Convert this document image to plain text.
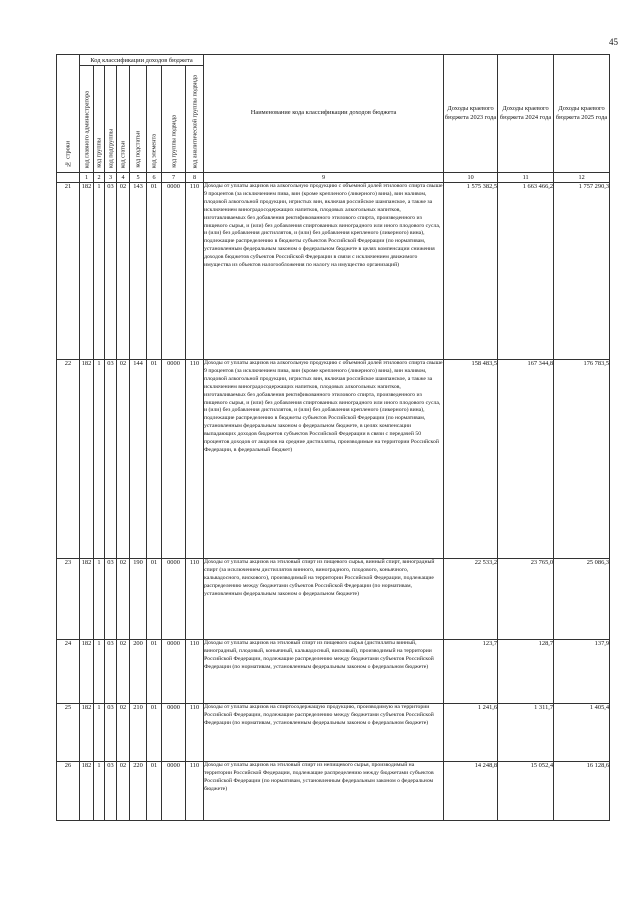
45
№ строки	Код классификации доходов бюджета								Наименование кода классификации доходов бюджета	Доходы краевого бюджета 2023 года	Доходы краевого бюджета 2024 года	Доходы краевого бюджета 2025 года

	код главного администратора	код группы	код подгруппы	код статьи	код подстатьи	код элемента	код группы подвида	код аналитической группы подвида				

	1	2	3	4	5	6	7	8	9	10	11	12
21	182	1	03	02	143	01	0000	110	Доходы от уплаты акцизов на алкогольную продукцию с объемной долей этилового спирта свыше 9 процентов (за исключением пива, вин (кроме крепленого (ликерного) вина), вин наливом, плодовой алкогольной продукции, игристых вин, включая российское шампанское, а также за исключением виноградосодержащих напитков, плодовых алкогольных напитков, изготавливаемых без добавления ректификованного этилового спирта, произведенного из пищевого сырья, и (или) без добавления спиртованных виноградного или иного плодового сусла, и (или) без добавления дистиллятов, и (или) без добавления крепленого (ликерного) вина), подлежащие распределению в бюджеты субъектов Российской Федерации (по нормативам, установленным федеральным законом о федеральном бюджете в целях компенсации снижения доходов бюджетов субъектов Российской Федерации в связи с исключением движимого имущества из объектов налогообложения по налогу на имущество организаций)	1 575 382,5	1 663 466,2	1 757 290,3
22	182	1	03	02	144	01	0000	110	Доходы от уплаты акцизов на алкогольную продукцию с объемной долей этилового спирта свыше 9 процентов (за исключением пива, вин (кроме крепленого (ликерного) вина), вин наливом, плодовой алкогольной продукции, игристых вин, включая российское шампанское, а также за исключением виноградосодержащих напитков, плодовых алкогольных напитков, изготавливаемых без добавления ректификованного этилового спирта, произведенного из пищевого сырья, и (или) без добавления спиртованных виноградного или иного плодового сусла, и (или) без добавления дистиллятов, и (или) без добавления крепленого (ликерного) вина), подлежащие распределению в бюджеты субъектов Российской Федерации (по нормативам, установленным федеральным законом о федеральном бюджете, в целях компенсации выпадающих доходов бюджетов субъектов Российской Федерации в связи с передачей 50 процентов доходов от акцизов на средние дистилляты, производимые на территории Российской Федерации, в федеральный бюджет)	158 483,5	167 344,8	176 783,5
23	182	1	03	02	190	01	0000	110	Доходы от уплаты акцизов на этиловый спирт из пищевого сырья, винный спирт, виноградный спирт (за исключением дистиллятов винного, виноградного, плодового, коньячного, кальвадосного, вискового), производимый на территории Российской Федерации, подлежащие распределению между бюджетами субъектов Российской Федерации (по нормативам, установленным федеральным законом о федеральном бюджете)	22 533,2	23 765,0	25 086,3
24	182	1	03	02	200	01	0000	110	Доходы от уплаты акцизов на этиловый спирт из пищевого сырья (дистилляты винный, виноградный, плодовый, коньячный, кальвадосный, висковый), производимый на территории Российской Федерации, подлежащие распределению между бюджетами субъектов Российской Федерации (по нормативам, установленным федеральным законом о федеральном бюджете)	123,7	128,7	137,9
25	182	1	03	02	210	01	0000	110	Доходы от уплаты акцизов на спиртосодержащую продукцию, производимую на территории Российской Федерации, подлежащие распределению между бюджетами субъектов Российской Федерации (по нормативам, установленным федеральным законом о федеральном бюджете)	1 241,6	1 311,7	1 405,4
26	182	1	03	02	220	01	0000	110	Доходы от уплаты акцизов на этиловый спирт из непищевого сырья, производимый на территории Российской Федерации, подлежащие распределению между бюджетами субъектов Российской Федерации (по нормативам, установленным федеральным законом о федеральном бюджете)	14 248,8	15 052,4	16 128,6
